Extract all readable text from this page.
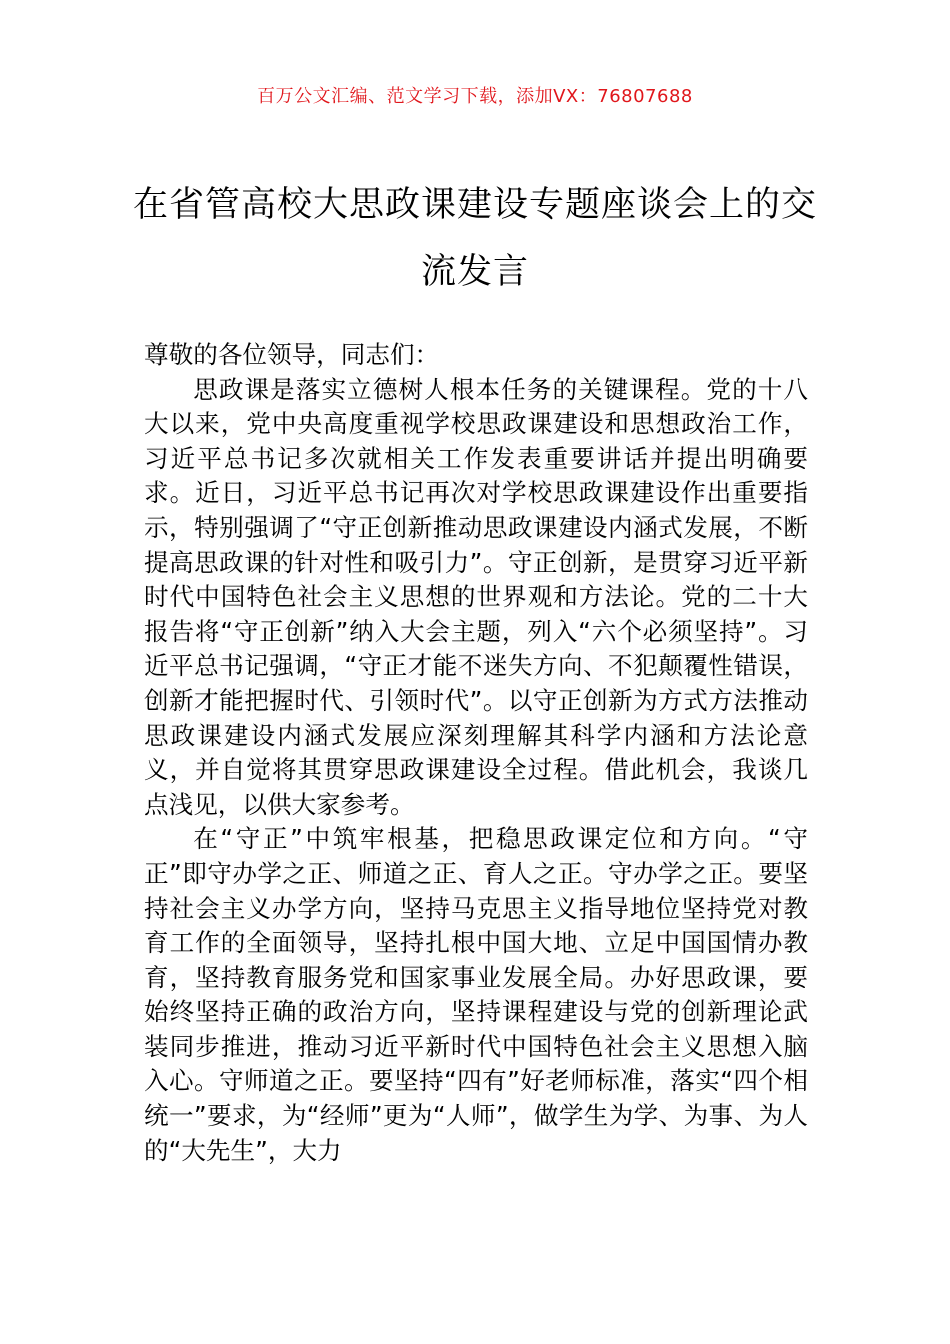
百万公文汇编、范文学习下载，添加VX：76807688
在省管高校大思政课建设专题座谈会上的交流发言

尊敬的各位领导，同志们：

思政课是落实立德树人根本任务的关键课程。党的十八大以来，党中央高度重视学校思政课建设和思想政治工作，习近平总书记多次就相关工作发表重要讲话并提出明确要求。近日，习近平总书记再次对学校思政课建设作出重要指示，特别强调了“守正创新推动思政课建设内涵式发展，不断提高思政课的针对性和吸引力”。守正创新，是贯穿习近平新时代中国特色社会主义思想的世界观和方法论。党的二十大报告将“守正创新”纳入大会主题，列入“六个必须坚持”。习近平总书记强调，“守正才能不迷失方向、不犯颠覆性错误，创新才能把握时代、引领时代”。以守正创新为方式方法推动思政课建设内涵式发展应深刻理解其科学内涵和方法论意义，并自觉将其贯穿思政课建设全过程。借此机会，我谈几点浅见，以供大家参考。

在“守正”中筑牢根基，把稳思政课定位和方向。“守正”即守办学之正、师道之正、育人之正。守办学之正。要坚持社会主义办学方向，坚持马克思主义指导地位坚持党对教育工作的全面领导，坚持扎根中国大地、立足中国国情办教育，坚持教育服务党和国家事业发展全局。办好思政课，要始终坚持正确的政治方向，坚持课程建设与党的创新理论武装同步推进，推动习近平新时代中国特色社会主义思想入脑入心。守师道之正。要坚持“四有”好老师标准，落实“四个相统一”要求，为“经师”更为“人师”，做学生为学、为事、为人的“大先生”，大力
